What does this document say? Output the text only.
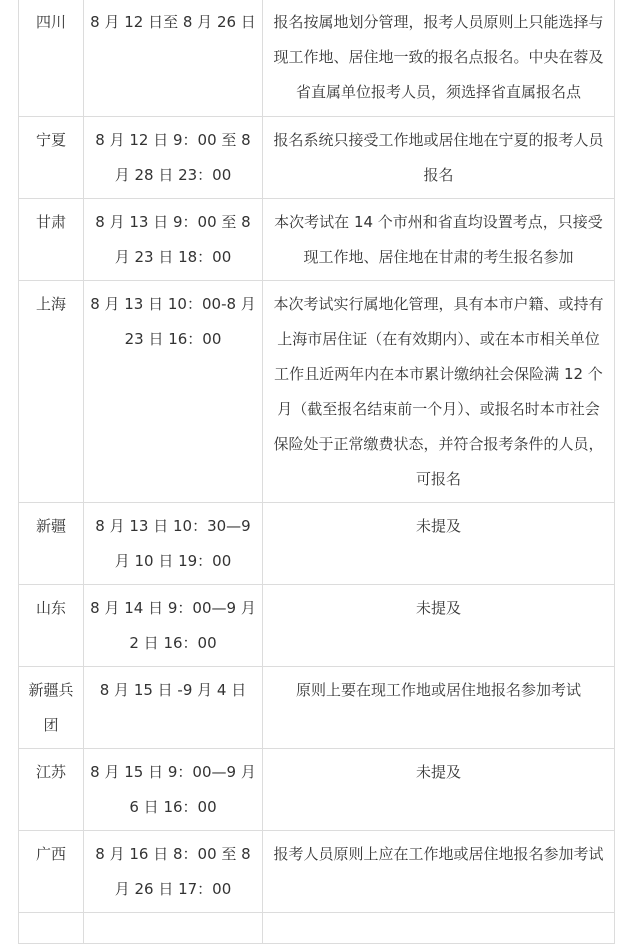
四川	8 月 12 日至 8 月 26 日	报名按属地划分管理，报考人员原则上只能选择与现工作地、居住地一致的报名点报名。中央在蓉及省直属单位报考人员，须选择省直属报名点

宁夏	8 月 12 日 9：00 至 8 月 28 日 23：00	报名系统只接受工作地或居住地在宁夏的报考人员报名

甘肃	8 月 13 日 9：00 至 8 月 23 日 18：00	本次考试在 14 个市州和省直均设置考点，只接受现工作地、居住地在甘肃的考生报名参加

上海	8 月 13 日 10：00-8 月 23 日 16：00	本次考试实行属地化管理，具有本市户籍、或持有上海市居住证（在有效期内）、或在本市相关单位工作且近两年内在本市累计缴纳社会保险满 12 个月（截至报名结束前一个月）、或报名时本市社会保险处于正常缴费状态，并符合报考条件的人员，可报名

新疆	8 月 13 日 10：30—9 月 10 日 19：00	未提及

山东	8 月 14 日 9：00—9 月 2 日 16：00	未提及

新疆兵团	8 月 15 日 -9 月 4 日	原则上要在现工作地或居住地报名参加考试

江苏	8 月 15 日 9：00—9 月 6 日 16：00	未提及

广西	8 月 16 日 8：00 至 8 月 26 日 17：00	报考人员原则上应在工作地或居住地报名参加考试
